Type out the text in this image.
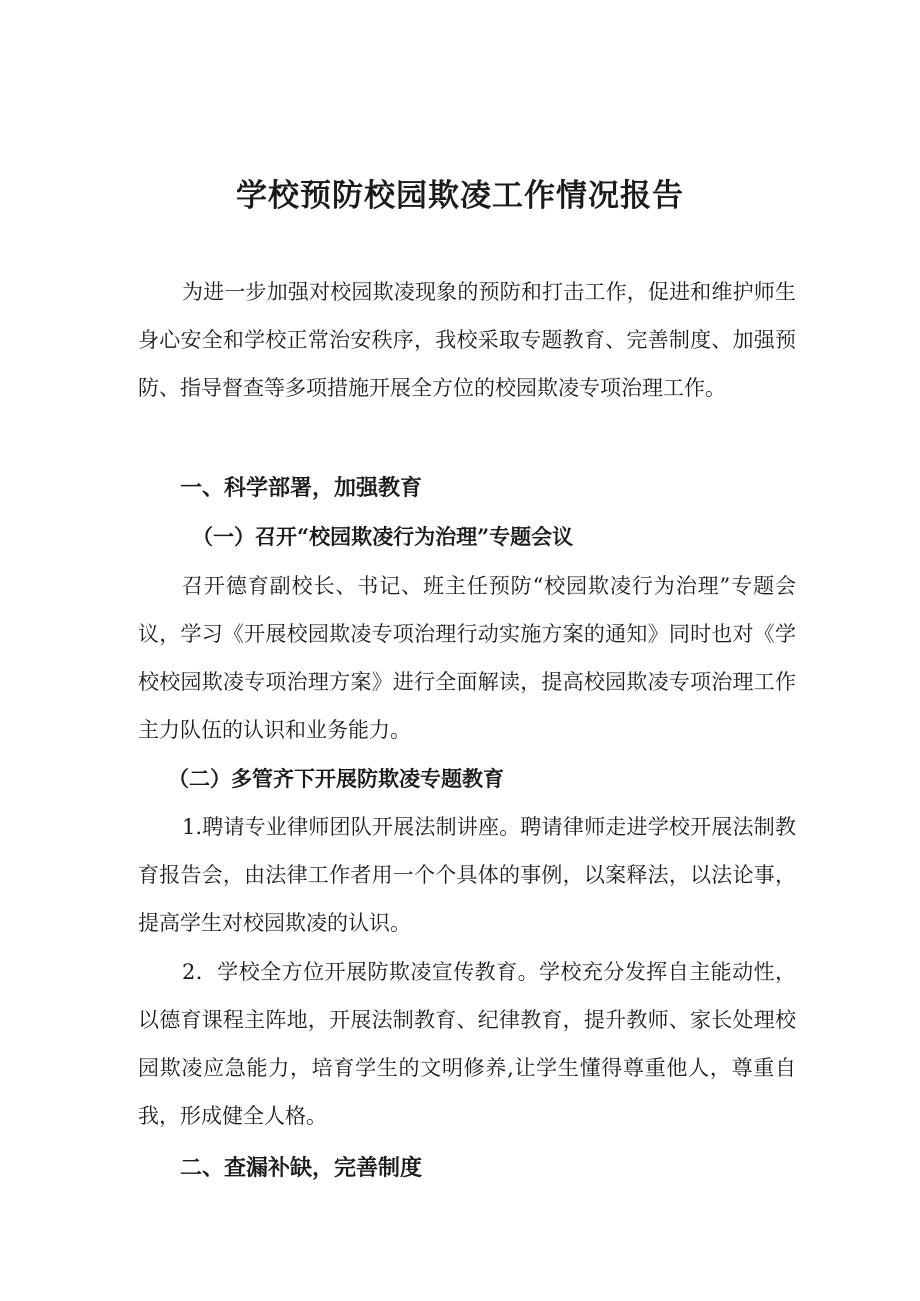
学校预防校园欺凌工作情况报告

为进一步加强对校园欺凌现象的预防和打击工作，促进和维护师生身心安全和学校正常治安秩序，我校采取专题教育、完善制度、加强预防、指导督查等多项措施开展全方位的校园欺凌专项治理工作。

一、科学部署，加强教育
（一）召开“校园欺凌行为治理”专题会议

召开德育副校长、书记、班主任预防“校园欺凌行为治理”专题会议，学习《开展校园欺凌专项治理行动实施方案的通知》同时也对《学校校园欺凌专项治理方案》进行全面解读，提高校园欺凌专项治理工作主力队伍的认识和业务能力。

（二）多管齐下开展防欺凌专题教育

1.聘请专业律师团队开展法制讲座。聘请律师走进学校开展法制教育报告会，由法律工作者用一个个具体的事例，以案释法，以法论事，提高学生对校园欺凌的认识。

2．学校全方位开展防欺凌宣传教育。学校充分发挥自主能动性，以德育课程主阵地，开展法制教育、纪律教育，提升教师、家长处理校园欺凌应急能力，培育学生的文明修养,让学生懂得尊重他人，尊重自我，形成健全人格。

二、查漏补缺，完善制度
